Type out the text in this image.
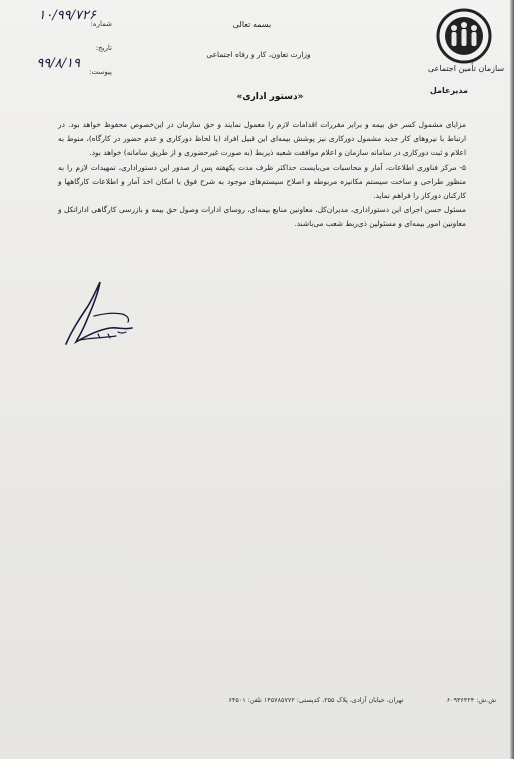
سازمان تأمین اجتماعی
مدیرعامل
بسمه تعالی
وزارت تعاون، کار و رفاه اجتماعی
شماره:
تاریخ:
پیوست:
۱۰/۹۹/۷۲۶
۹۹/۸/۱۹
«دستور اداری»

مزایای مشمول کسر حق بیمه و برابر مقررات اقدامات لازم را معمول نمایند و حق سازمان در این‌خصوص محفوظ خواهد بود. در ارتباط با نیروهای کار جدید مشمول دورکاری نیز پوشش بیمه‌ای این قبیل افراد (با لحاظ دورکاری و عدم حضور در کارگاه)، منوط به اعلام و ثبت دورکاری در سامانه سازمان و اعلام موافقت شعبه ذیربط (به صورت غیرحضوری و از طریق سامانه) خواهد بود.

۵- مرکز فناوری اطلاعات، آمار و محاسبات می‌بایست حداکثر ظرف مدت یکهفته پس از صدور این دستوراداری، تمهیدات لازم را به منظور طراحی و ساخت سیستم مکانیزه مربوطه و اصلاح سیستم‌های موجود به شرح فوق با امکان اخذ آمار و اطلاعات کارگاهها و کارکنان دورکار را فراهم نماید.

مسئول حسن اجرای این دستوراداری، مدیران‌کل، معاونین منابع بیمه‌ای، روسای ادارات وصول حق بیمه و بازرسی کارگاهی اداراتکل و معاونین امور بیمه‌ای و مسئولین ذی‌ربط شعب می‌باشند.

تهران، خیابان آزادی، پلاک ۲۵۵، کدپستی: ۱۴۵۷۸۵۷۷۲ تلفن: ۶۴۵۰۱	ش.ش: ۶۰۹۳۶۴۲۴
